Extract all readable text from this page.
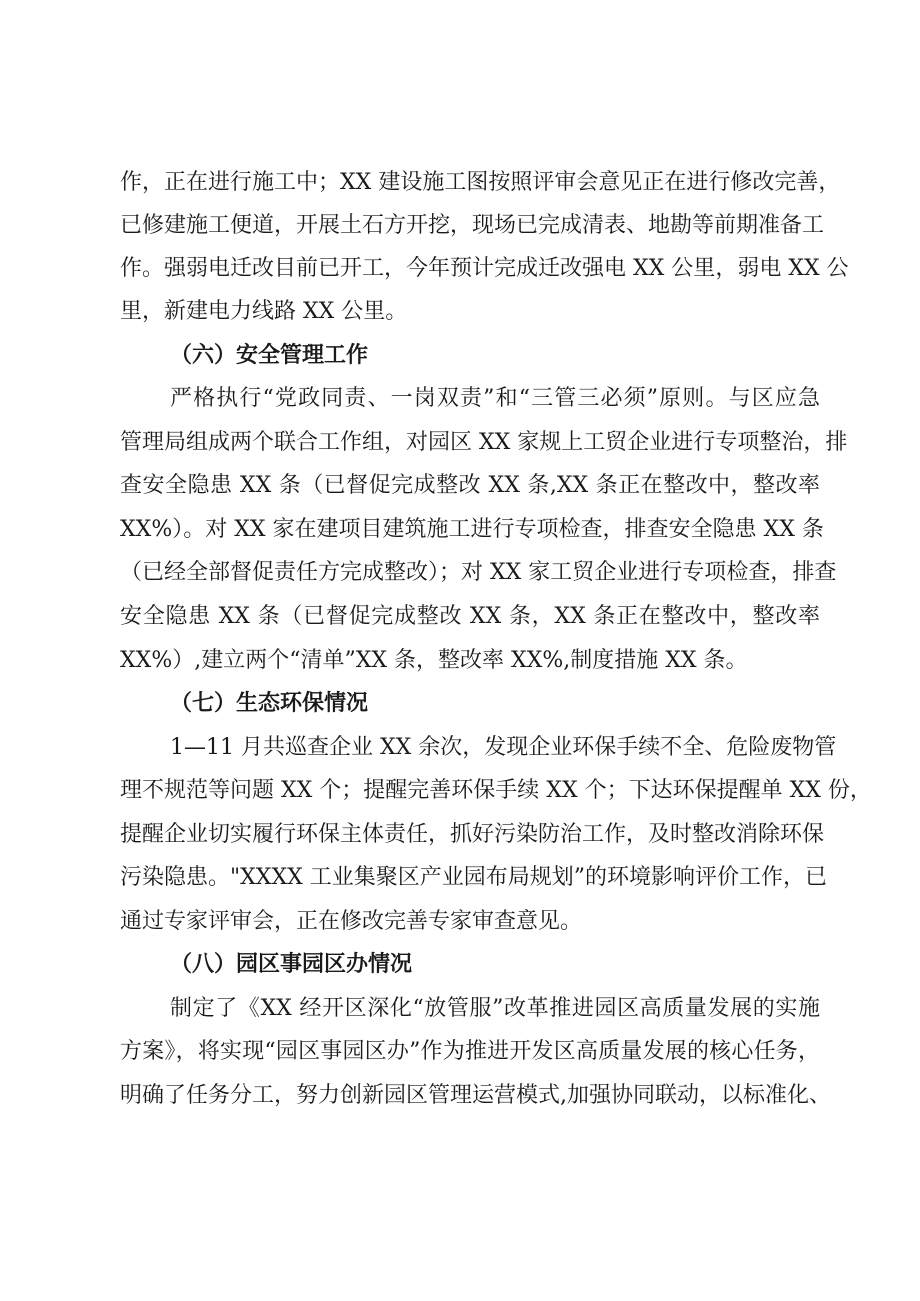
作，正在进行施工中；XX 建设施工图按照评审会意见正在进行修改完善，

已修建施工便道，开展土石方开挖，现场已完成清表、地勘等前期准备工

作。强弱电迁改目前已开工，今年预计完成迁改强电 XX 公里，弱电 XX 公

里，新建电力线路 XX 公里。

（六）安全管理工作

严格执行“党政同责、一岗双责”和“三管三必须”原则。与区应急

管理局组成两个联合工作组，对园区 XX 家规上工贸企业进行专项整治，排

查安全隐患 XX 条（已督促完成整改 XX 条,XX 条正在整改中，整改率

XX%）。对 XX 家在建项目建筑施工进行专项检查，排查安全隐患 XX 条

（已经全部督促责任方完成整改）；对 XX 家工贸企业进行专项检查，排查

安全隐患 XX 条（已督促完成整改 XX 条，XX 条正在整改中，整改率

XX%）,建立两个“清单”XX 条，整改率 XX%,制度措施 XX 条。

（七）生态环保情况

1—11 月共巡查企业 XX 余次，发现企业环保手续不全、危险废物管

理不规范等问题 XX 个；提醒完善环保手续 XX 个；下达环保提醒单 XX 份，

提醒企业切实履行环保主体责任，抓好污染防治工作，及时整改消除环保

污染隐患。"XXXX 工业集聚区产业园布局规划”的环境影响评价工作，已

通过专家评审会，正在修改完善专家审查意见。

（八）园区事园区办情况

制定了《XX 经开区深化“放管服”改革推进园区高质量发展的实施

方案》，将实现“园区事园区办”作为推进开发区高质量发展的核心任务，

明确了任务分工，努力创新园区管理运营模式,加强协同联动，以标准化、
